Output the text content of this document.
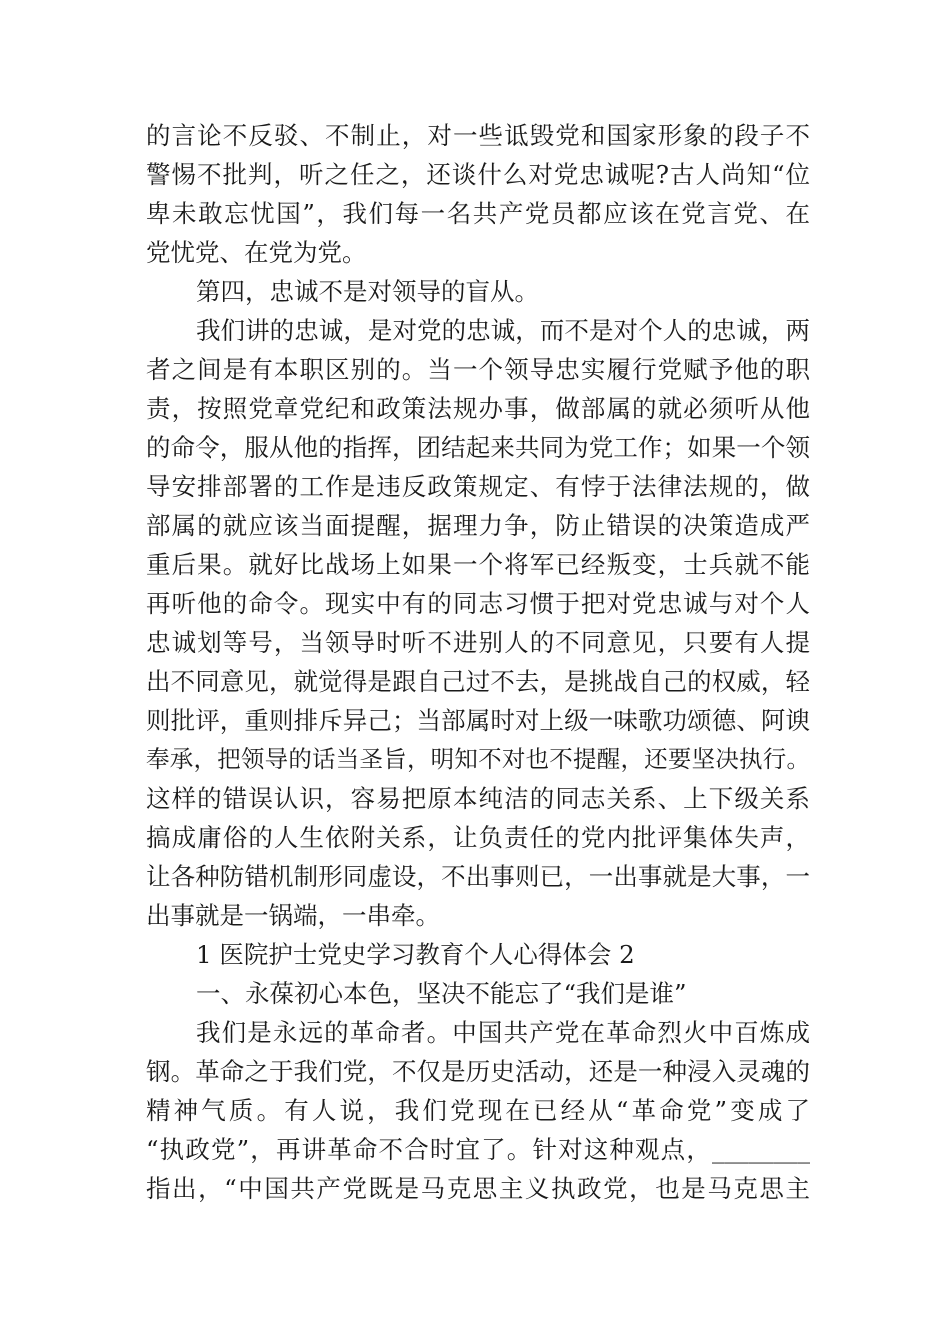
的言论不反驳、不制止，对一些诋毁党和国家形象的段子不
警惕不批判，听之任之，还谈什么对党忠诚呢?古人尚知“位
卑未敢忘忧国”，我们每一名共产党员都应该在党言党、在
党忧党、在党为党。
第四，忠诚不是对领导的盲从。
我们讲的忠诚，是对党的忠诚，而不是对个人的忠诚，两
者之间是有本职区别的。当一个领导忠实履行党赋予他的职
责，按照党章党纪和政策法规办事，做部属的就必须听从他
的命令，服从他的指挥，团结起来共同为党工作；如果一个领
导安排部署的工作是违反政策规定、有悖于法律法规的，做
部属的就应该当面提醒，据理力争，防止错误的决策造成严
重后果。就好比战场上如果一个将军已经叛变，士兵就不能
再听他的命令。现实中有的同志习惯于把对党忠诚与对个人
忠诚划等号，当领导时听不进别人的不同意见，只要有人提
出不同意见，就觉得是跟自己过不去，是挑战自己的权威，轻
则批评，重则排斥异己；当部属时对上级一味歌功颂德、阿谀
奉承，把领导的话当圣旨，明知不对也不提醒，还要坚决执行。
这样的错误认识，容易把原本纯洁的同志关系、上下级关系
搞成庸俗的人生依附关系，让负责任的党内批评集体失声，
让各种防错机制形同虚设，不出事则已，一出事就是大事，一
出事就是一锅端，一串牵。
1 医院护士党史学习教育个人心得体会 2
一、永葆初心本色，坚决不能忘了“我们是谁”
我们是永远的革命者。中国共产党在革命烈火中百炼成
钢。革命之于我们党，不仅是历史活动，还是一种浸入灵魂的
精神气质。有人说，我们党现在已经从“革命党”变成了
“执政党”，再讲革命不合时宜了。针对这种观点，________
指出，“中国共产党既是马克思主义执政党，也是马克思主
